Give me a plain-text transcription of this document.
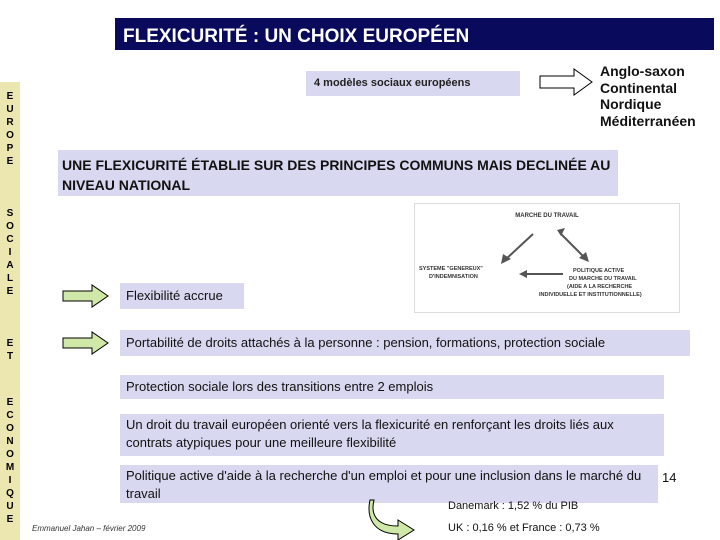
FLEXICURITÉ : UN CHOIX EUROPÉEN
E
U
R
O
P
E
S
O
C
I
A
L
E
E
T
E
C
O
N
O
M
I
Q
U
E
4 modèles sociaux européens
Anglo-saxon
Continental
Nordique
Méditerranéen
UNE FLEXICURITÉ ÉTABLIE SUR DES PRINCIPES COMMUNS MAIS DECLINÉE AU NIVEAU NATIONAL
MARCHE DU TRAVAIL
SYSTEME "GENEREUX"
D'INDEMNISATION
POLITIQUE ACTIVE
DU MARCHE DU TRAVAIL
(AIDE A LA RECHERCHE
INDIVIDUELLE ET INSTITUTIONNELLE)
Flexibilité accrue
Portabilité de droits attachés à la personne : pension, formations, protection sociale
Protection sociale lors des transitions entre 2 emplois
Un droit du travail européen orienté vers la flexicurité en renforçant les droits liés aux contrats atypiques pour une meilleure flexibilité
Politique active d'aide à la recherche d'un emploi et pour une inclusion dans le marché du travail
Danemark : 1,52 % du PIB
UK : 0,16 % et France : 0,73 %
Emmanuel Jahan – février 2009
14
